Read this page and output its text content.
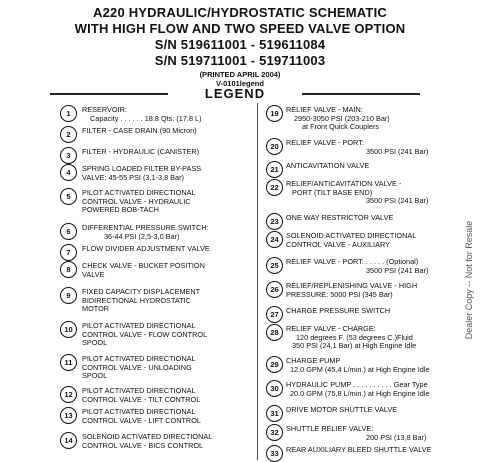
A220 HYDRAULIC/HYDROSTATIC SCHEMATIC
WITH HIGH FLOW AND TWO SPEED VALVE OPTION
S/N 519611001 - 519611084
S/N 519711001 - 519711003
(PRINTED APRIL 2004)
V-0101legend
LEGEND
1	RESERVOIR:
Capacity . . . . . . 18.8 Qts. (17.8 L)
2	FILTER - CASE DRAIN (90 Micron)
3	FILTER - HYDRAULIC (CANISTER)
4	SPRING LOADED FILTER BY-PASS
VALVE: 45-55 PSI (3,1-3,8 Bar)
5	PILOT ACTIVATED DIRECTIONAL
CONTROL VALVE - HYDRAULIC
POWERED BOB-TACH
6	DIFFERENTIAL PRESSURE SWITCH:
36-44 PSI (2,5-3,0 Bar)
7	FLOW DIVIDER ADJUSTMENT VALVE
8	CHECK VALVE - BUCKET POSITION
VALVE
9	FIXED CAPACITY DISPLACEMENT
BIDIRECTIONAL HYDROSTATIC
MOTOR
10	PILOT ACTIVATED DIRECTIONAL
CONTROL VALVE - FLOW CONTROL
SPOOL
11	PILOT ACTIVATED DIRECTIONAL
CONTROL VALVE - UNLOADING
SPOOL
12	PILOT ACTIVATED DIRECTIONAL
CONTROL VALVE - TILT CONTROL
13	PILOT ACTIVATED DIRECTIONAL
CONTROL VALVE - LIFT CONTROL
14	SOLENOID ACTIVATED DIRECTIONAL
CONTROL VALVE - BICS CONTROL
19	RELIEF VALVE - MAIN:
2950-3050 PSI (203-210 Bar)
at Front Quick Couplers
20	RELIEF VALVE - PORT:
3500 PSI (241 Bar)
21	ANTICAVITATION VALVE
22	RELIEF/ANTICAVITATION VALVE -
PORT (TILT BASE END)
3500 PSI (241 Bar)
23	ONE WAY RESTRICTOR VALVE
24	SOLENOID ACTIVATED DIRECTIONAL
CONTROL VALVE - AUXILIARY
25	RELIEF VALVE - PORT: . . . . . (Optional)
3500 PSI (241 Bar)
26	RELIEF/REPLENISHING VALVE - HIGH
PRESSURE: 5000 PSI (345 Bar)
27	CHARGE PRESSURE SWITCH
28	RELIEF VALVE - CHARGE:
120 degrees F. (53 degrees C.)Fluid
350 PSI (24,1 Bar) at High Engine Idle
29	CHARGE PUMP
12.0 GPM (45,4 L/min.) at High Engine Idle
30	HYDRAULIC PUMP . . . . . . . . . . Gear Type
20.0 GPM (75,8 L/min.) at High Engine Idle
31	DRIVE MOTOR SHUTTLE VALVE
32	SHUTTLE RELIEF VALVE:
200 PSI (13,8 Bar)
33	REAR AUXILIARY BLEED SHUTTLE VALVE
Dealer Copy -- Not for Resale
